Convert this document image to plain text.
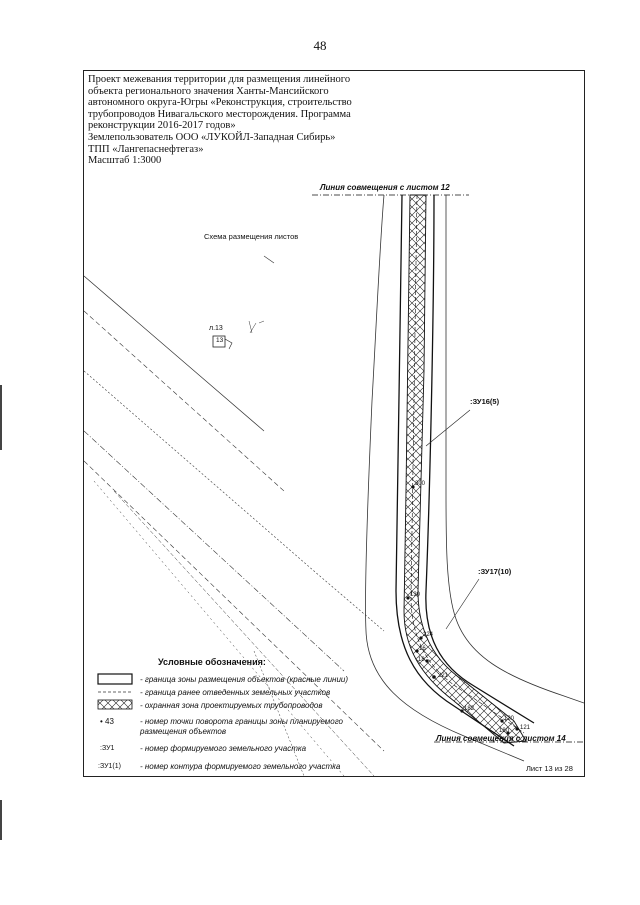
48
Проект межевания территории для размещения линейного
объекта регионального значения Ханты-Мансийского
автономного округа-Югры «Реконструкция, строительство
трубопроводов Нивагальского месторождения. Программа
реконструкции 2016-2017 годов»
Землепользователь ООО «ЛУКОЙЛ-Западная Сибирь»
ТПП «Лангепаснефтегаз»
Масштаб 1:3000
Линия совмещения с листом 12
Схема размещения листов
л.13
13
:ЗУ16(5)
:ЗУ17(10)
300
130
224
16
18
221
182
120
121
180
Линия совмещения с листом 14
Условные обозначения:
- граница зоны размещения объектов (красные линии)
- граница ранее отведенных земельных участков
- охранная зона проектируемых трубопроводов
• 43	- номер точки поворота границы зоны планируемого
размещения объектов
:ЗУ1	- номер формируемого земельного участка
:ЗУ1(1) - номер контура формируемого земельного участка	Лист 13 из 28
